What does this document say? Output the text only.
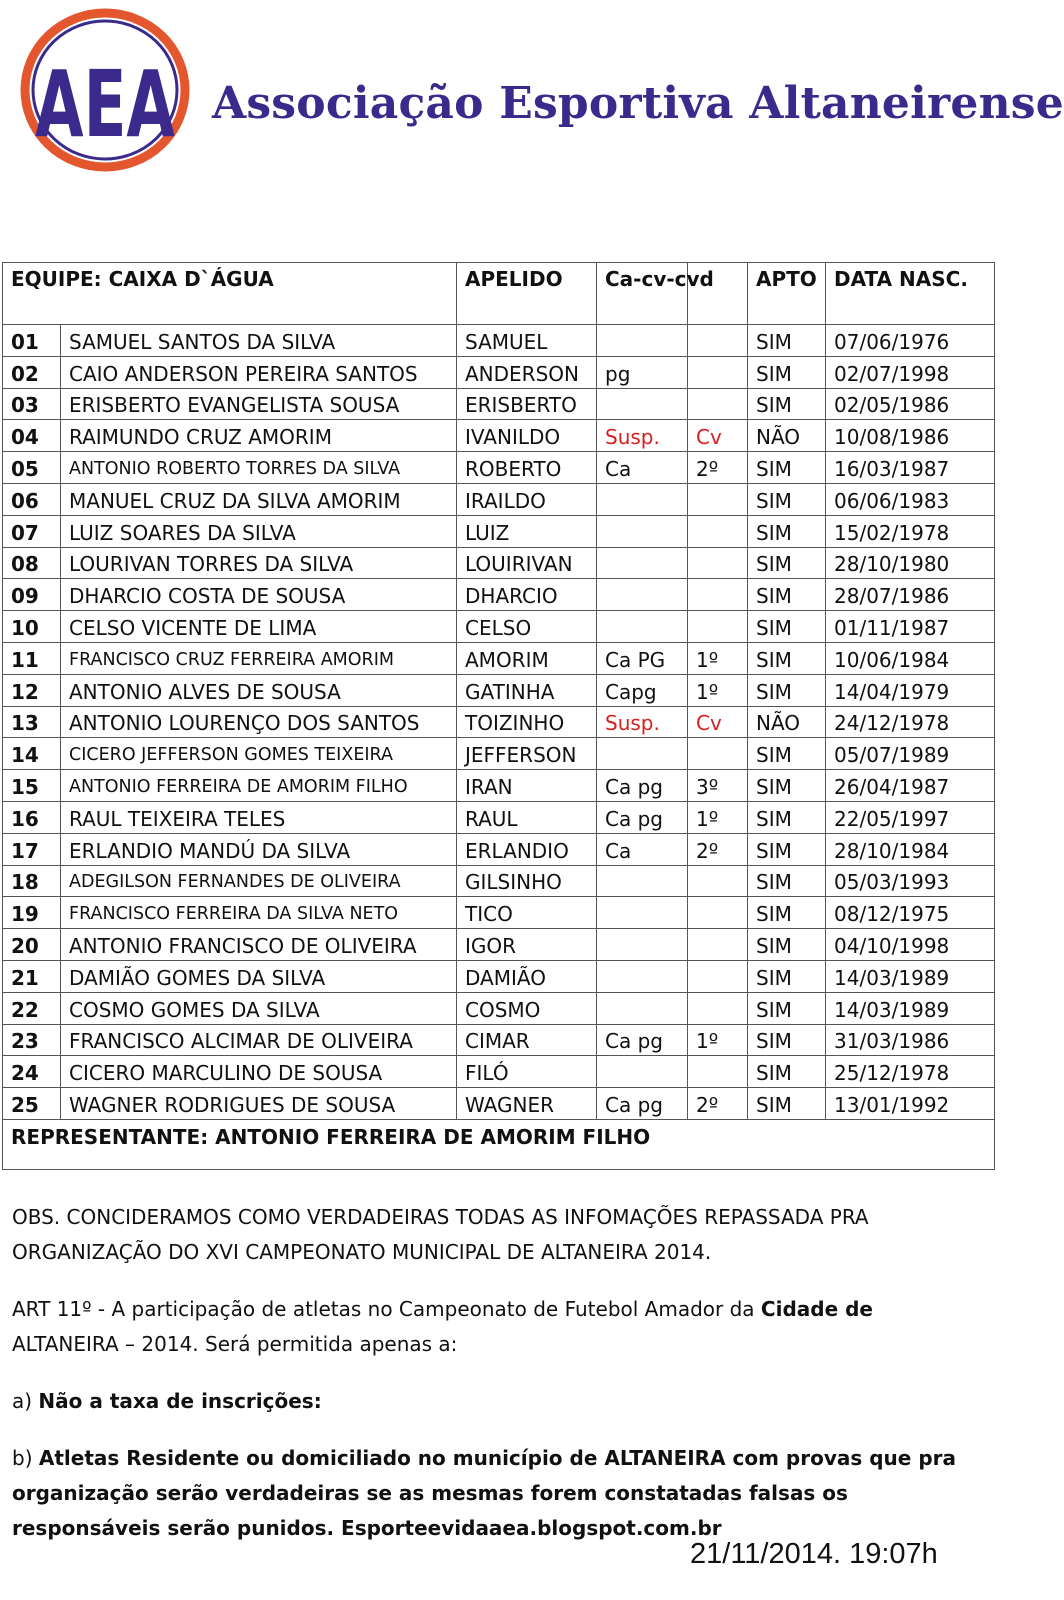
AEA Associação Esportiva Altaneirense
EQUIPE: CAIXA D`ÁGUA		APELIDO	Ca-cv-cvd		APTO	DATA NASC.
01	SAMUEL SANTOS DA SILVA	SAMUEL			SIM	07/06/1976
02	CAIO ANDERSON PEREIRA SANTOS	ANDERSON	pg		SIM	02/07/1998
03	ERISBERTO EVANGELISTA SOUSA	ERISBERTO			SIM	02/05/1986
04	RAIMUNDO CRUZ AMORIM	IVANILDO	Susp.	Cv	NÃO	10/08/1986
05	ANTONIO ROBERTO TORRES DA SILVA	ROBERTO	Ca	2º	SIM	16/03/1987
06	MANUEL CRUZ DA SILVA AMORIM	IRAILDO			SIM	06/06/1983
07	LUIZ SOARES DA SILVA	LUIZ			SIM	15/02/1978
08	LOURIVAN TORRES DA SILVA	LOUIRIVAN			SIM	28/10/1980
09	DHARCIO COSTA DE SOUSA	DHARCIO			SIM	28/07/1986
10	CELSO VICENTE DE LIMA	CELSO			SIM	01/11/1987
11	FRANCISCO CRUZ FERREIRA AMORIM	AMORIM	Ca PG	1º	SIM	10/06/1984
12	ANTONIO ALVES DE SOUSA	GATINHA	Capg	1º	SIM	14/04/1979
13	ANTONIO LOURENÇO DOS SANTOS	TOIZINHO	Susp.	Cv	NÃO	24/12/1978
14	CICERO JEFFERSON GOMES TEIXEIRA	JEFFERSON			SIM	05/07/1989
15	ANTONIO FERREIRA DE AMORIM FILHO	IRAN	Ca pg	3º	SIM	26/04/1987
16	RAUL TEIXEIRA TELES	RAUL	Ca pg	1º	SIM	22/05/1997
17	ERLANDIO MANDÚ DA SILVA	ERLANDIO	Ca	2º	SIM	28/10/1984
18	ADEGILSON FERNANDES DE OLIVEIRA	GILSINHO			SIM	05/03/1993
19	FRANCISCO FERREIRA DA SILVA NETO	TICO			SIM	08/12/1975
20	ANTONIO FRANCISCO DE OLIVEIRA	IGOR			SIM	04/10/1998
21	DAMIÃO GOMES DA SILVA	DAMIÃO			SIM	14/03/1989
22	COSMO GOMES DA SILVA	COSMO			SIM	14/03/1989
23	FRANCISCO ALCIMAR DE OLIVEIRA	CIMAR	Ca pg	1º	SIM	31/03/1986
24	CICERO MARCULINO DE SOUSA	FILÓ			SIM	25/12/1978
25	WAGNER RODRIGUES DE SOUSA	WAGNER	Ca pg	2º	SIM	13/01/1992
REPRESENTANTE: ANTONIO FERREIRA DE AMORIM FILHO						

OBS. CONCIDERAMOS COMO VERDADEIRAS TODAS AS INFOMAÇÕES REPASSADA PRA ORGANIZAÇÃO DO XVI CAMPEONATO MUNICIPAL DE ALTANEIRA 2014.

ART 11º - A participação de atletas no Campeonato de Futebol Amador da Cidade de ALTANEIRA – 2014. Será permitida apenas a:

a) Não a taxa de inscrições:

b) Atletas Residente ou domiciliado no município de ALTANEIRA com provas que pra organização serão verdadeiras se as mesmas forem constatadas falsas os responsáveis serão punidos. Esporteevidaaea.blogspot.com.br

21/11/2014. 19:07h
